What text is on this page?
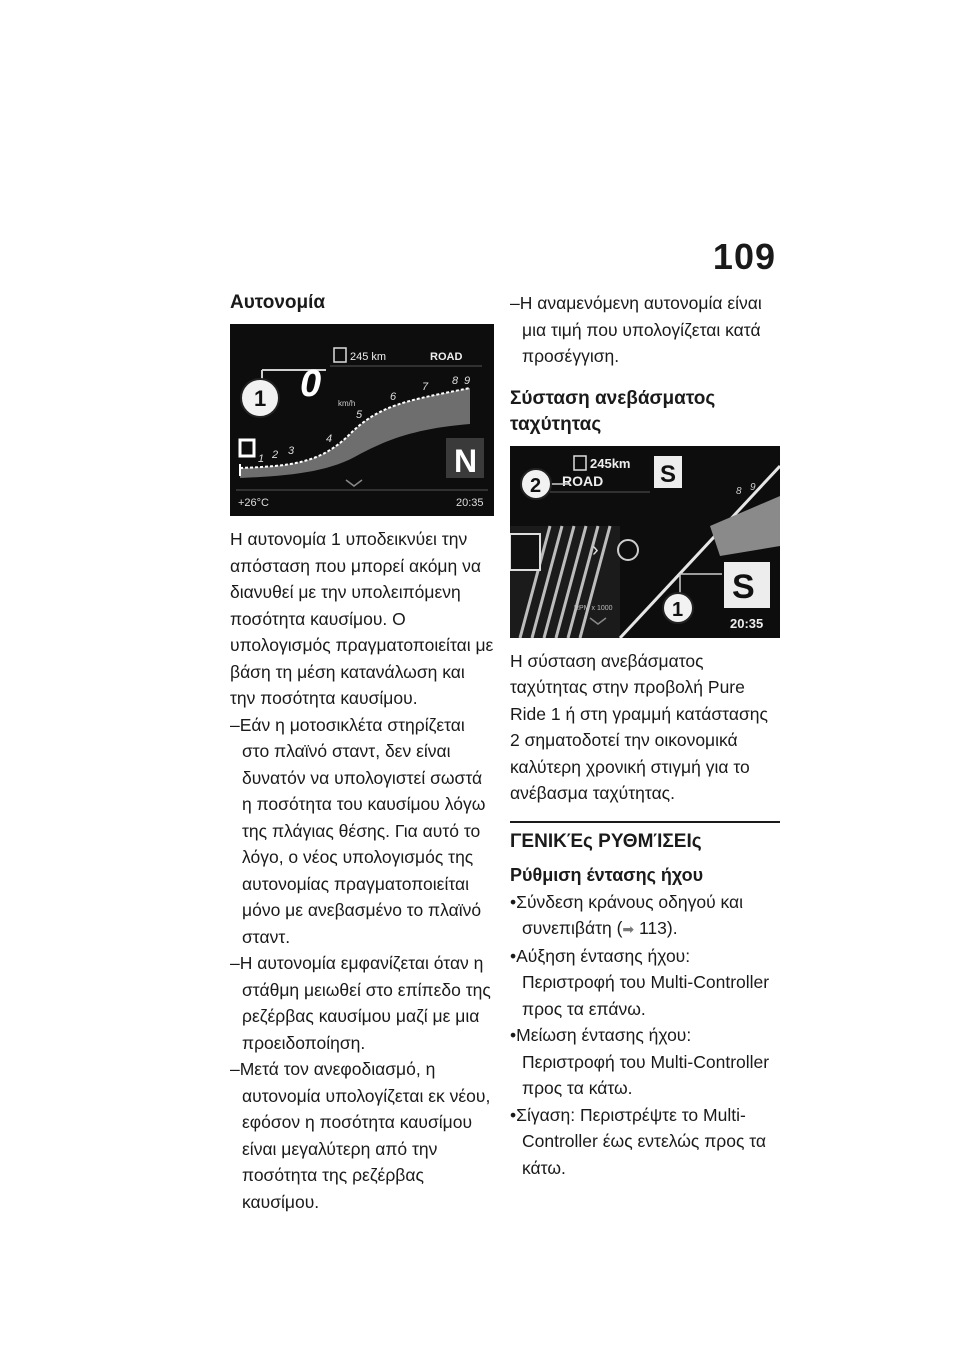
109
Αυτονομία
245 km	ROAD
0 km/h
1 2 3
4
5
6
7 8 9
N
+26°C	20:35
1

Η αυτονομία 1 υποδεικνύει την απόσταση που μπορεί ακόμη να διανυθεί με την υπολειπόμενη ποσότητα καυσίμου. Ο υπολογισμός πραγματοποιείται με βάση τη μέση κατανάλωση και την ποσότητα καυσίμου.

–Εάν η μοτοσικλέτα στηρίζεται στο πλαϊνό σταντ, δεν είναι δυνατόν να υπολογιστεί σωστά η ποσότητα του καυσίμου λόγω της πλάγιας θέσης. Για αυτό το λόγο, ο νέος υπολογισμός της αυτονομίας πραγματοποιείται μόνο με ανεβασμένο το πλαϊνό σταντ.

–Η αυτονομία εμφανίζεται όταν η στάθμη μειωθεί στο επίπεδο της ρεζέρβας καυσίμου μαζί με μια προειδοποίηση.

–Μετά τον ανεφοδιασμό, η αυτονομία υπολογίζεται εκ νέου, εφόσον η ποσότητα καυσίμου είναι μεγαλύτερη από την ποσότητα της ρεζέρβας καυσίμου.

–Η αναμενόμενη αυτονομία είναι μια τιμή που υπολογίζεται κατά προσέγγιση.

Σύσταση ανεβάσματος ταχύτητας
8 9
›
RPM x 1000
245km
ROAD S
S
20:35
2
1

Η σύσταση ανεβάσματος ταχύτητας στην προβολή Pure Ride 1 ή στη γραμμή κατάστασης 2 σηματοδοτεί την οικονομικά καλύτερη χρονική στιγμή για το ανέβασμα ταχύτητας.

ΓΕΝΙΚΈς ΡΥΘΜΊΣΕΙς
Ρύθμιση έντασης ήχου

•Σύνδεση κράνους οδηγού και συνεπιβάτη (➡ 113).

•Αύξηση έντασης ήχου: Περιστροφή του Multi-Controller προς τα επάνω.

•Μείωση έντασης ήχου: Περιστροφή του Multi-Controller προς τα κάτω.

•Σίγαση: Περιστρέψτε το Multi-Controller έως εντελώς προς τα κάτω.
